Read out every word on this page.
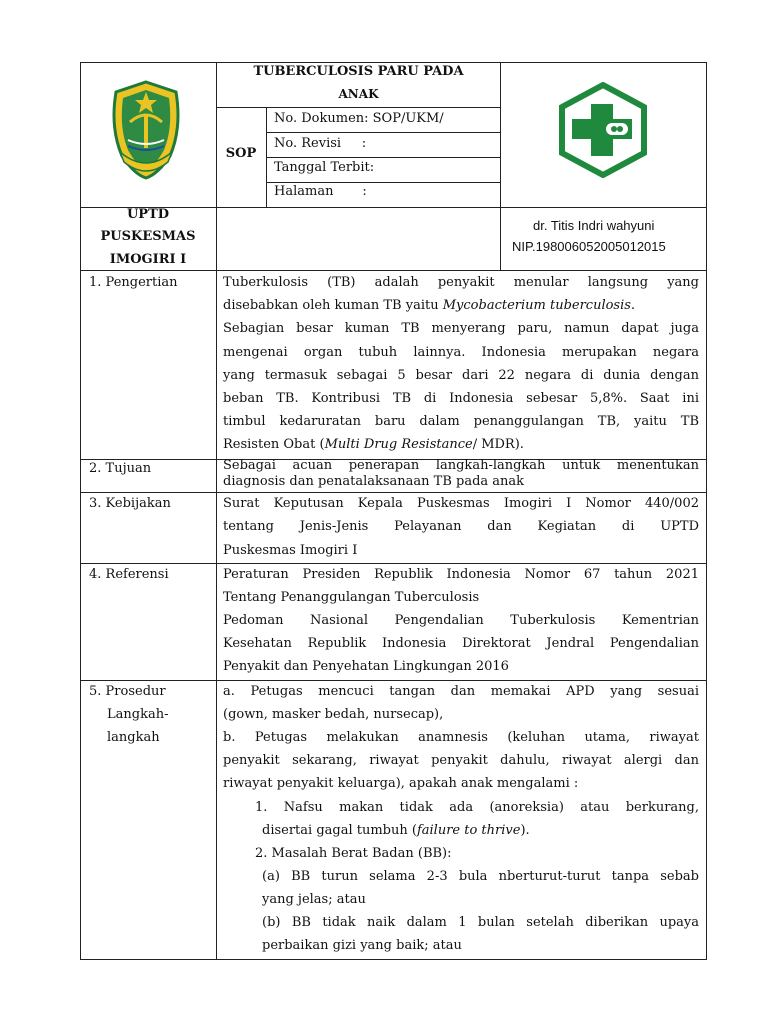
TUBERCULOSIS PARU PADA
ANAK
SOP
No. Dokumen: SOP/UKM/
No. Revisi     :
Tanggal Terbit:
Halaman       :
UPTD
PUSKESMAS
IMOGIRI I
dr. Titis Indri wahyuni
NIP.198006052005012015
1. Pengertian	Tuberkulosis (TB) adalah penyakit menular langsung yang
disebabkan oleh kuman TB yaitu Mycobacterium tuberculosis.
Sebagian besar kuman TB menyerang paru, namun dapat juga
mengenai organ tubuh lainnya. Indonesia merupakan negara
yang termasuk sebagai 5 besar dari 22 negara di dunia dengan
beban TB. Kontribusi TB di Indonesia sebesar 5,8%. Saat ini
timbul kedaruratan baru dalam penanggulangan TB, yaitu TB
Resisten Obat (Multi Drug Resistance/ MDR).
2. Tujuan	Sebagai acuan penerapan langkah-langkah untuk menentukan
diagnosis dan penatalaksanaan TB pada anak
3. Kebijakan	Surat Keputusan Kepala Puskesmas Imogiri I Nomor 440/002
tentang Jenis-Jenis Pelayanan dan Kegiatan di UPTD
Puskesmas Imogiri I
4. Referensi	Peraturan Presiden Republik Indonesia Nomor 67 tahun 2021
Tentang Penanggulangan Tuberculosis
Pedoman Nasional Pengendalian Tuberkulosis Kementrian
Kesehatan Republik Indonesia Direktorat Jendral Pengendalian
Penyakit dan Penyehatan Lingkungan 2016
5. Prosedur
Langkah-
langkah
a. Petugas mencuci tangan dan memakai APD yang sesuai
(gown, masker bedah, nursecap),
b. Petugas melakukan anamnesis (keluhan utama, riwayat
penyakit sekarang, riwayat penyakit dahulu, riwayat alergi dan
riwayat penyakit keluarga), apakah anak mengalami :
1. Nafsu makan tidak ada (anoreksia) atau berkurang,
disertai gagal tumbuh (failure to thrive).
2. Masalah Berat Badan (BB):
(a) BB turun selama 2-3 bula nberturut-turut tanpa sebab
yang jelas; atau
(b) BB tidak naik dalam 1 bulan setelah diberikan upaya
perbaikan gizi yang baik; atau
